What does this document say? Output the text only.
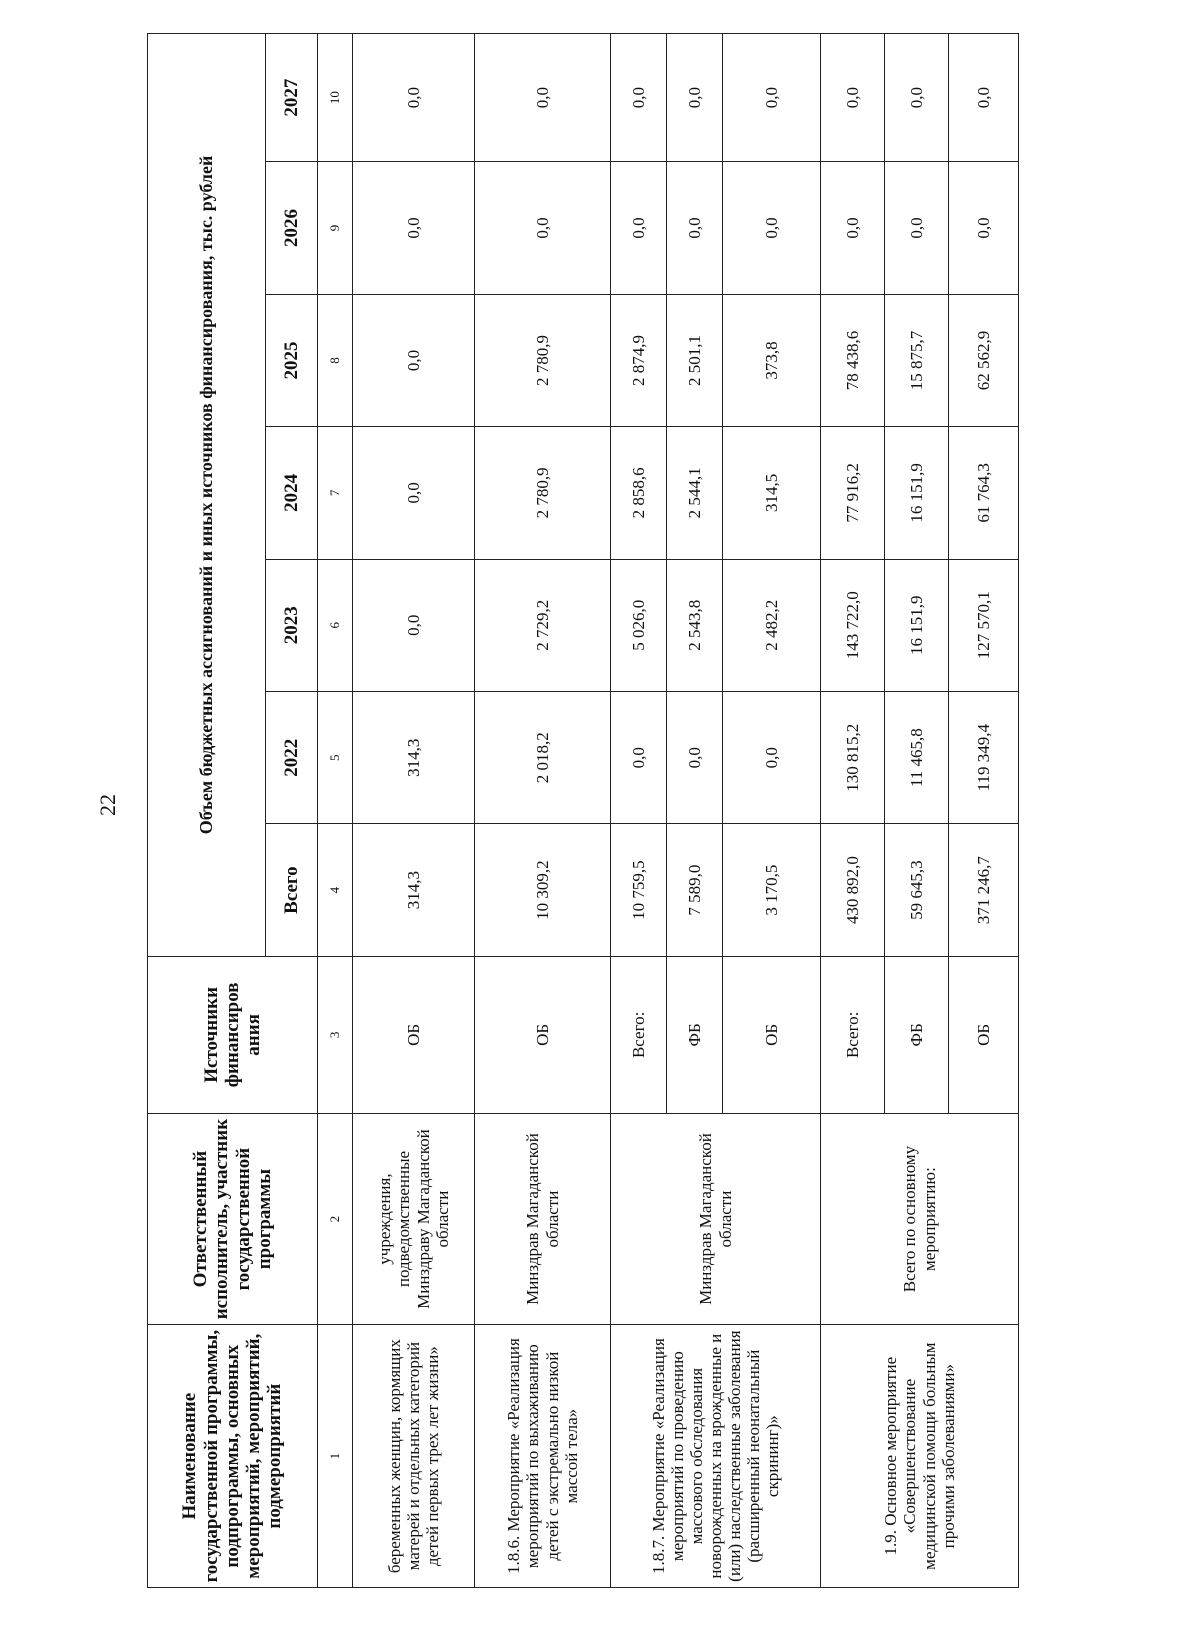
22
Наименование государственной программы, подпрограммы, основных мероприятий, мероприятий, подмероприятий	Ответственный исполнитель, участник государственной программы	Источники финансиров ания	Объем бюджетных ассигнований и иных источников финансирования, тыс. рублей						
			Всего	2022	2023	2024	2025	2026	2027
1	2	3	4	5	6	7	8	9	10
беременных женщин, кормящих матерей и отдельных категорий детей первых трех лет жизни»	учреждения, подведомственные Минздраву Магаданской области	ОБ	314,3	314,3	0,0	0,0	0,0	0,0	0,0
1.8.6. Мероприятие «Реализация мероприятий по выхаживанию детей с экстремально низкой массой тела»	Минздрав Магаданской области	ОБ	10 309,2	2 018,2	2 729,2	2 780,9	2 780,9	0,0	0,0
1.8.7. Мероприятие «Реализация мероприятий по проведению массового обследования новорожденных на врожденные и (или) наследственные заболевания (расширенный неонатальный скрининг)»	Минздрав Магаданской области	Всего:	10 759,5	0,0	5 026,0	2 858,6	2 874,9	0,0	0,0
		ФБ	7 589,0	0,0	2 543,8	2 544,1	2 501,1	0,0	0,0
		ОБ	3 170,5	0,0	2 482,2	314,5	373,8	0,0	0,0
1.9. Основное мероприятие «Совершенствование медицинской помощи больным прочими заболеваниями»	Всего по основному мероприятию:	Всего:	430 892,0	130 815,2	143 722,0	77 916,2	78 438,6	0,0	0,0
		ФБ	59 645,3	11 465,8	16 151,9	16 151,9	15 875,7	0,0	0,0
		ОБ	371 246,7	119 349,4	127 570,1	61 764,3	62 562,9	0,0	0,0
